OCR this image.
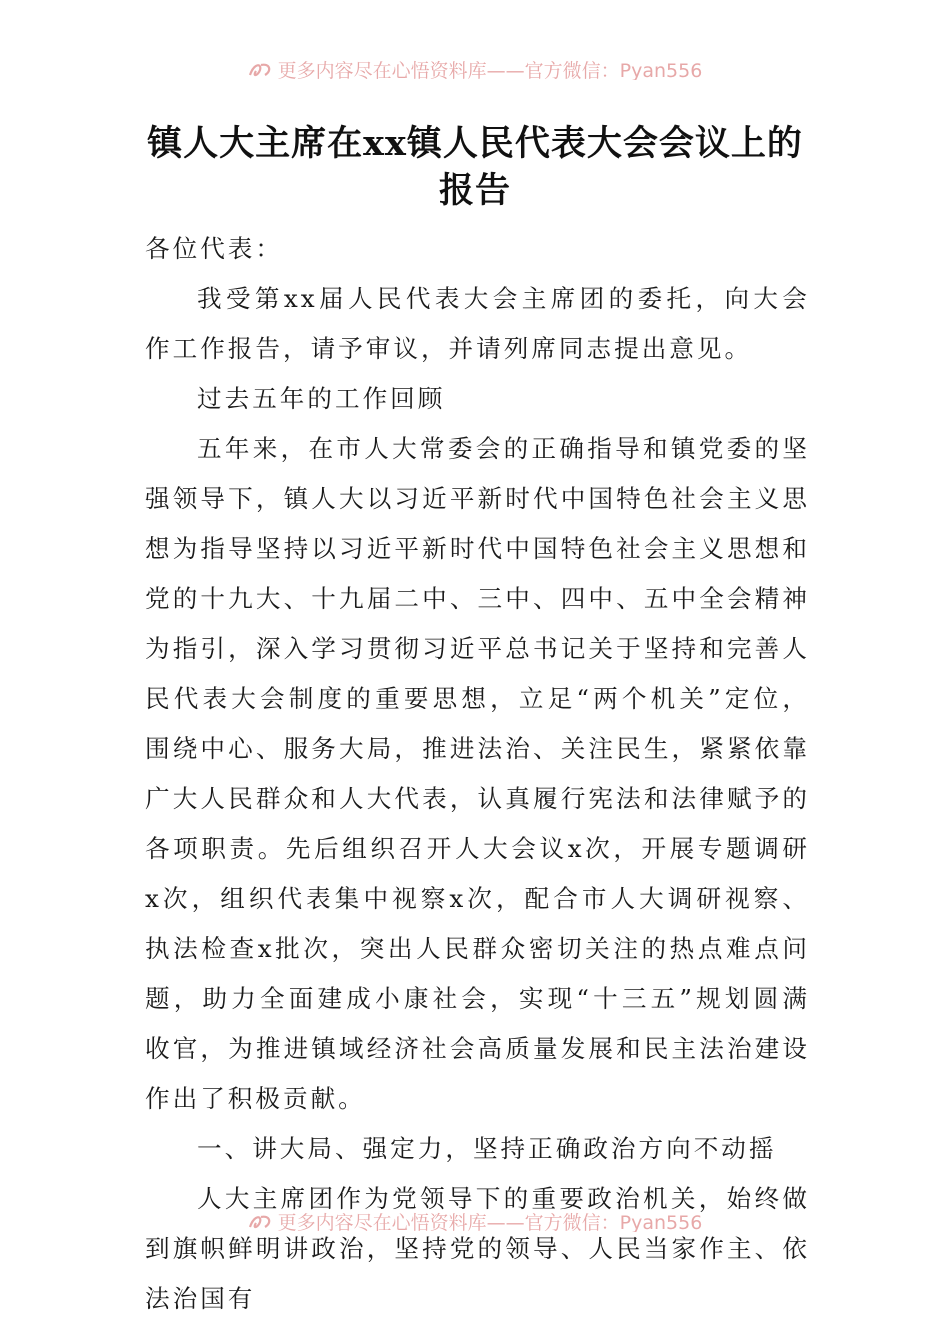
更多内容尽在心悟资料库——官方微信：Pyan556
镇人大主席在xx镇人民代表大会会议上的报告

各位代表：

我受第xx届人民代表大会主席团的委托，向大会作工作报告，请予审议，并请列席同志提出意见。

过去五年的工作回顾

五年来，在市人大常委会的正确指导和镇党委的坚强领导下，镇人大以习近平新时代中国特色社会主义思想为指导坚持以习近平新时代中国特色社会主义思想和党的十九大、十九届二中、三中、四中、五中全会精神为指引，深入学习贯彻习近平总书记关于坚持和完善人民代表大会制度的重要思想，立足“两个机关”定位，围绕中心、服务大局，推进法治、关注民生，紧紧依靠广大人民群众和人大代表，认真履行宪法和法律赋予的各项职责。先后组织召开人大会议x次，开展专题调研x次，组织代表集中视察x次，配合市人大调研视察、执法检查x批次，突出人民群众密切关注的热点难点问题，助力全面建成小康社会，实现“十三五”规划圆满收官，为推进镇域经济社会高质量发展和民主法治建设作出了积极贡献。

一、讲大局、强定力，坚持正确政治方向不动摇

人大主席团作为党领导下的重要政治机关，始终做到旗帜鲜明讲政治，坚持党的领导、人民当家作主、依法治国有

更多内容尽在心悟资料库——官方微信：Pyan556
